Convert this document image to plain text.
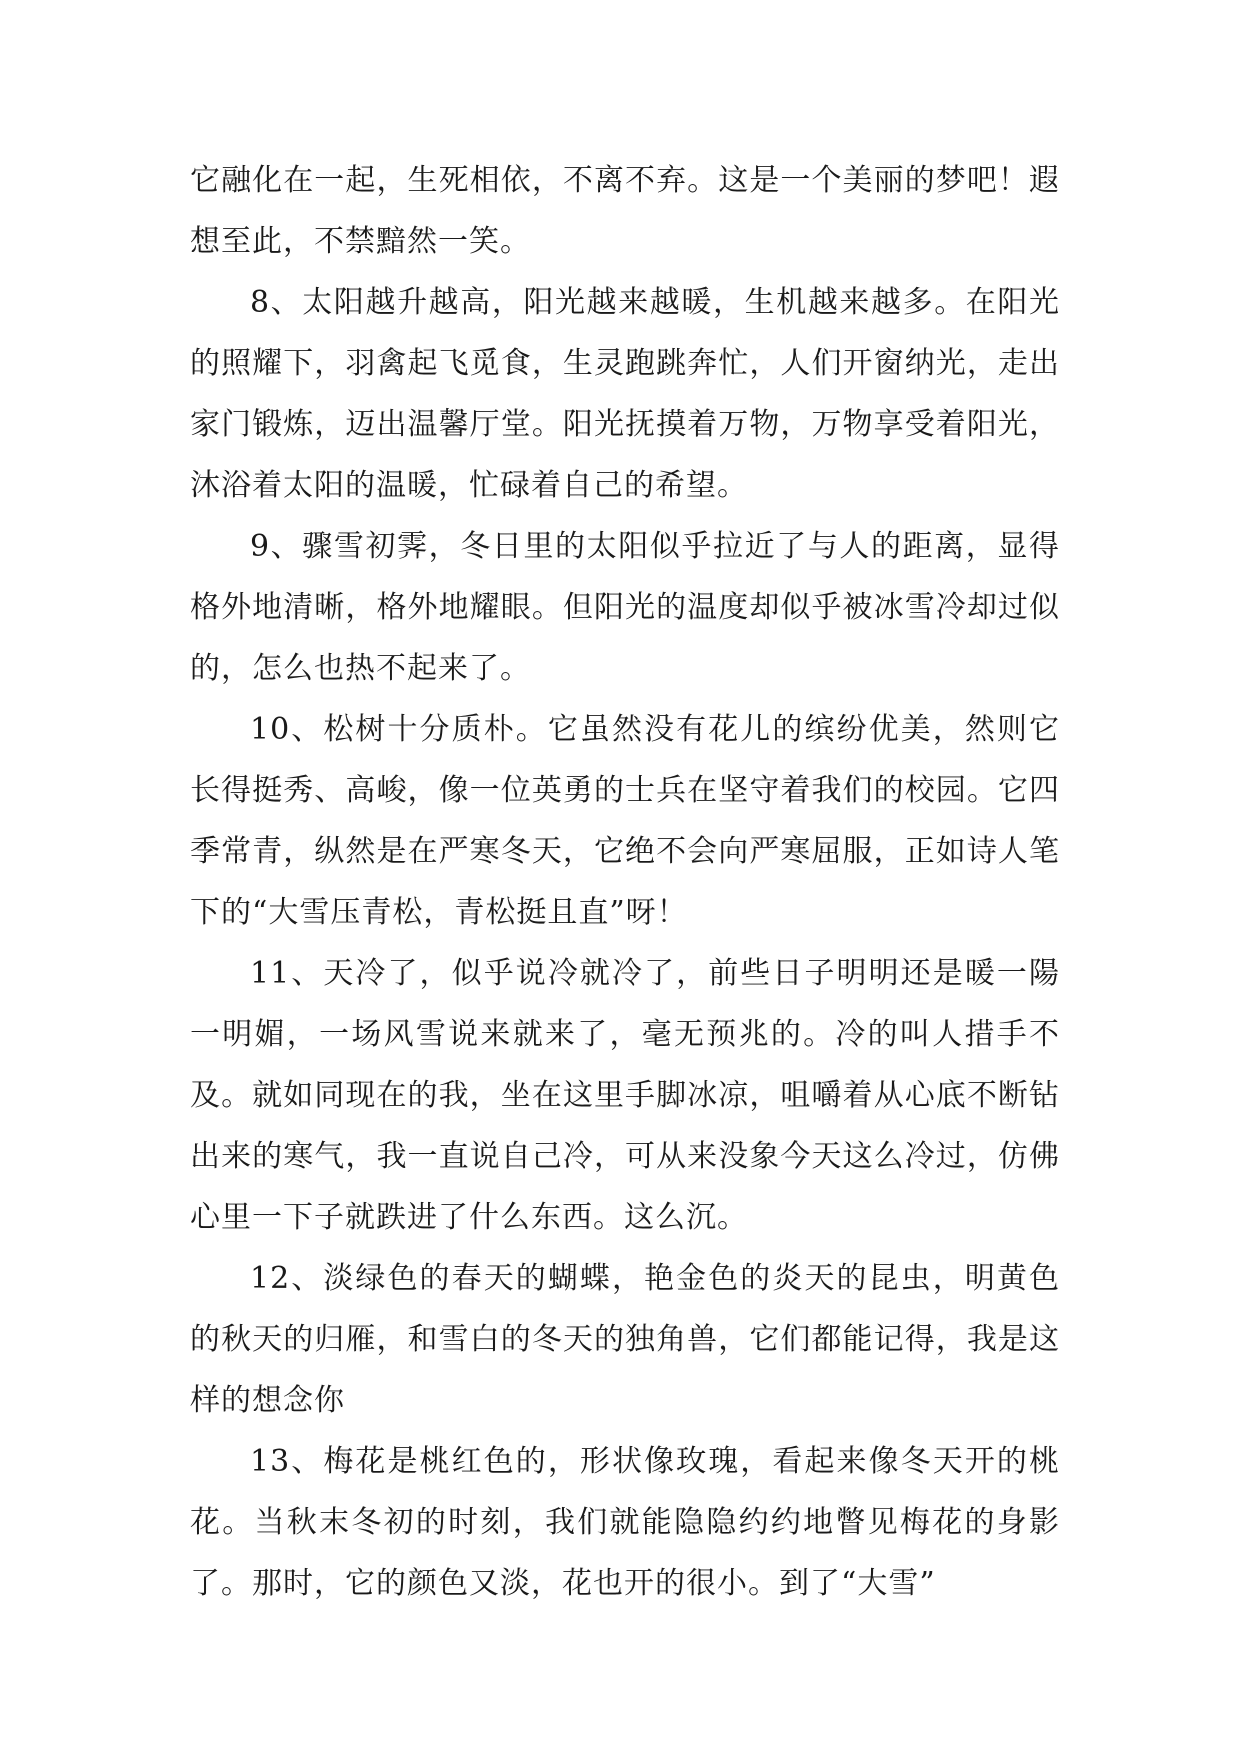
它融化在一起，生死相依，不离不弃。这是一个美丽的梦吧！遐想至此，不禁黯然一笑。

8、太阳越升越高，阳光越来越暖，生机越来越多。在阳光的照耀下，羽禽起飞觅食，生灵跑跳奔忙，人们开窗纳光，走出家门锻炼，迈出温馨厅堂。阳光抚摸着万物，万物享受着阳光，沐浴着太阳的温暖，忙碌着自己的希望。

9、骤雪初霁，冬日里的太阳似乎拉近了与人的距离，显得格外地清晰，格外地耀眼。但阳光的温度却似乎被冰雪冷却过似的，怎么也热不起来了。

10、松树十分质朴。它虽然没有花儿的缤纷优美，然则它长得挺秀、高峻，像一位英勇的士兵在坚守着我们的校园。它四季常青，纵然是在严寒冬天，它绝不会向严寒屈服，正如诗人笔下的“大雪压青松，青松挺且直”呀！

11、天冷了，似乎说冷就冷了，前些日子明明还是暖一陽一明媚，一场风雪说来就来了，毫无预兆的。冷的叫人措手不及。就如同现在的我，坐在这里手脚冰凉，咀嚼着从心底不断钻出来的寒气，我一直说自己冷，可从来没象今天这么冷过，仿佛心里一下子就跌进了什么东西。这么沉。

12、淡绿色的春天的蝴蝶，艳金色的炎天的昆虫，明黄色的秋天的归雁，和雪白的冬天的独角兽，它们都能记得，我是这样的想念你

13、梅花是桃红色的，形状像玫瑰，看起来像冬天开的桃花。当秋末冬初的时刻，我们就能隐隐约约地瞥见梅花的身影了。那时，它的颜色又淡，花也开的很小。到了“大雪”
